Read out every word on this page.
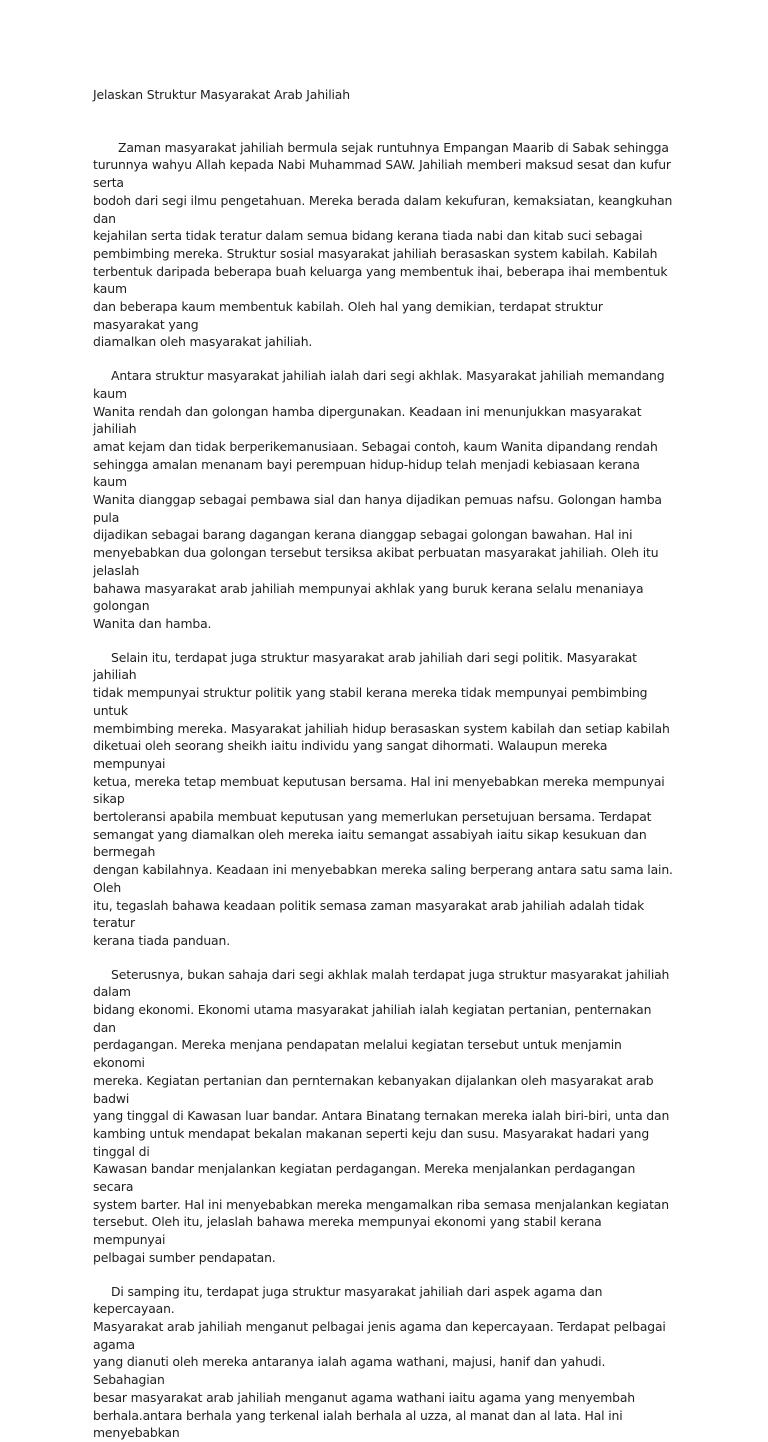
Jelaskan Struktur Masyarakat Arab Jahiliah
Zaman masyarakat jahiliah bermula sejak runtuhnya Empangan Maarib di Sabak sehingga
turunnya wahyu Allah kepada Nabi Muhammad SAW. Jahiliah memberi maksud sesat dan kufur serta
bodoh dari segi ilmu pengetahuan. Mereka berada dalam kekufuran, kemaksiatan, keangkuhan dan
kejahilan serta tidak teratur dalam semua bidang kerana tiada nabi dan kitab suci sebagai
pembimbing mereka. Struktur sosial masyarakat jahiliah berasaskan system kabilah. Kabilah
terbentuk daripada beberapa buah keluarga yang membentuk ihai, beberapa ihai membentuk kaum
dan beberapa kaum membentuk kabilah. Oleh hal yang demikian, terdapat struktur masyarakat yang
diamalkan oleh masyarakat jahiliah.
Antara struktur masyarakat jahiliah ialah dari segi akhlak. Masyarakat jahiliah memandang kaum
Wanita rendah dan golongan hamba dipergunakan. Keadaan ini menunjukkan masyarakat jahiliah
amat kejam dan tidak berperikemanusiaan. Sebagai contoh, kaum Wanita dipandang rendah
sehingga amalan menanam bayi perempuan hidup-hidup telah menjadi kebiasaan kerana kaum
Wanita dianggap sebagai pembawa sial dan hanya dijadikan pemuas nafsu. Golongan hamba pula
dijadikan sebagai barang dagangan kerana dianggap sebagai golongan bawahan. Hal ini
menyebabkan dua golongan tersebut tersiksa akibat perbuatan masyarakat jahiliah. Oleh itu jelaslah
bahawa masyarakat arab jahiliah mempunyai akhlak yang buruk kerana selalu menaniaya golongan
Wanita dan hamba.
Selain itu, terdapat juga struktur masyarakat arab jahiliah dari segi politik. Masyarakat jahiliah
tidak mempunyai struktur politik yang stabil kerana mereka tidak mempunyai pembimbing untuk
membimbing mereka. Masyarakat jahiliah hidup berasaskan system kabilah dan setiap kabilah
diketuai oleh seorang sheikh iaitu individu yang sangat dihormati. Walaupun mereka mempunyai
ketua, mereka tetap membuat keputusan bersama. Hal ini menyebabkan mereka mempunyai sikap
bertoleransi apabila membuat keputusan yang memerlukan persetujuan bersama. Terdapat
semangat yang diamalkan oleh mereka iaitu semangat assabiyah iaitu sikap kesukuan dan bermegah
dengan kabilahnya. Keadaan ini menyebabkan mereka saling berperang antara satu sama lain. Oleh
itu, tegaslah bahawa keadaan politik semasa zaman masyarakat arab jahiliah adalah tidak teratur
kerana tiada panduan.
Seterusnya, bukan sahaja dari segi akhlak malah terdapat juga struktur masyarakat jahiliah dalam
bidang ekonomi. Ekonomi utama masyarakat jahiliah ialah kegiatan pertanian, penternakan dan
perdagangan. Mereka menjana pendapatan melalui kegiatan tersebut untuk menjamin ekonomi
mereka. Kegiatan pertanian dan pernternakan kebanyakan dijalankan oleh masyarakat arab badwi
yang tinggal di Kawasan luar bandar. Antara Binatang ternakan mereka ialah biri-biri, unta dan
kambing untuk mendapat bekalan makanan seperti keju dan susu. Masyarakat hadari yang tinggal di
Kawasan bandar menjalankan kegiatan perdagangan. Mereka menjalankan perdagangan secara
system barter. Hal ini menyebabkan mereka mengamalkan riba semasa menjalankan kegiatan
tersebut. Oleh itu, jelaslah bahawa mereka mempunyai ekonomi yang stabil kerana mempunyai
pelbagai sumber pendapatan.
Di samping itu, terdapat juga struktur masyarakat jahiliah dari aspek agama dan kepercayaan.
Masyarakat arab jahiliah menganut pelbagai jenis agama dan kepercayaan. Terdapat pelbagai agama
yang dianuti oleh mereka antaranya ialah agama wathani, majusi, hanif dan yahudi. Sebahagian
besar masyarakat arab jahiliah menganut agama wathani iaitu agama yang menyembah
berhala.antara berhala yang terkenal ialah berhala al uzza, al manat dan al lata. Hal ini menyebabkan
